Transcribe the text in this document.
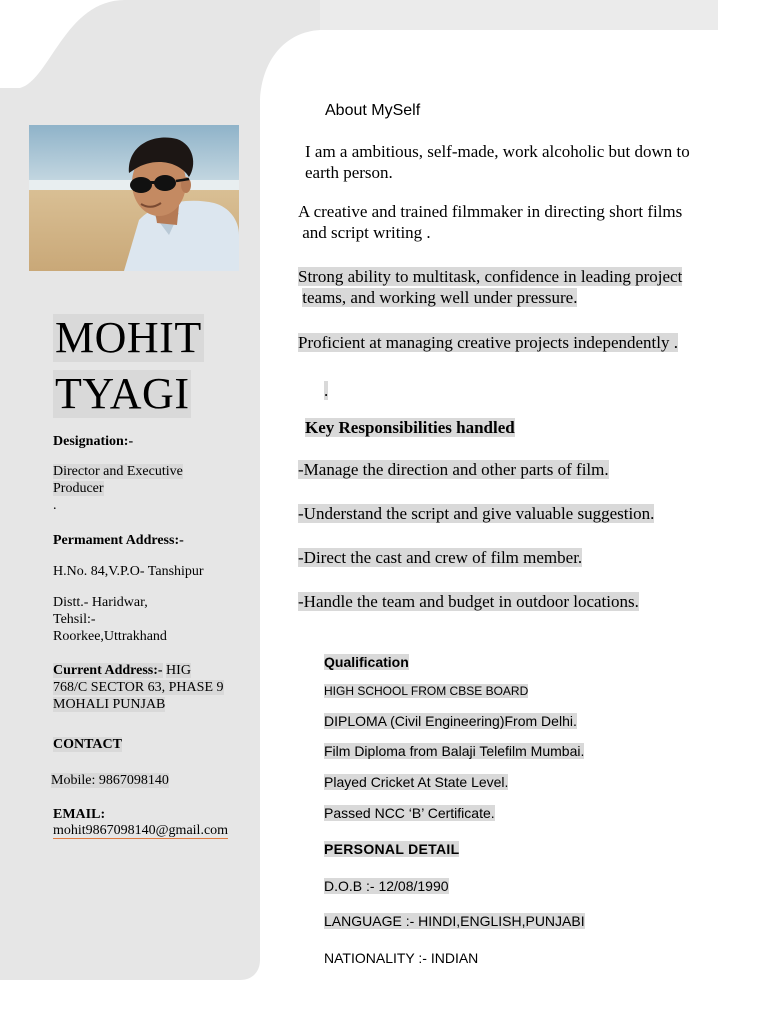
MOHIT
TYAGI
Designation:-
Director and Executive
Producer
.
Permament Address:-
H.No. 84,V.P.O- Tanshipur
Distt.- Haridwar,
Tehsil:-
Roorkee,Uttrakhand
Current Address:- HIG
768/C SECTOR 63, PHASE 9
MOHALI PUNJAB
CONTACT
Mobile: 9867098140
EMAIL:
mohit9867098140@gmail.com
About MySelf
I am a ambitious, self-made, work alcoholic but down to
earth person.
A creative and trained filmmaker in directing short films
and script writing .
Strong ability to multitask, confidence in leading project
teams, and working well under pressure.
Proficient at managing creative projects independently .
.
Key Responsibilities handled
-Manage the direction and other parts of film.
-Understand the script and give valuable suggestion.
-Direct the cast and crew of film member.
-Handle the team and budget in outdoor locations.
Qualification
HIGH SCHOOL FROM CBSE BOARD
DIPLOMA (Civil Engineering)From Delhi.
Film Diploma from Balaji Telefilm Mumbai.
Played Cricket At State Level.
Passed NCC ‘B’ Certificate.
PERSONAL DETAIL
D.O.B :- 12/08/1990
LANGUAGE :- HINDI,ENGLISH,PUNJABI
NATIONALITY :- INDIAN
